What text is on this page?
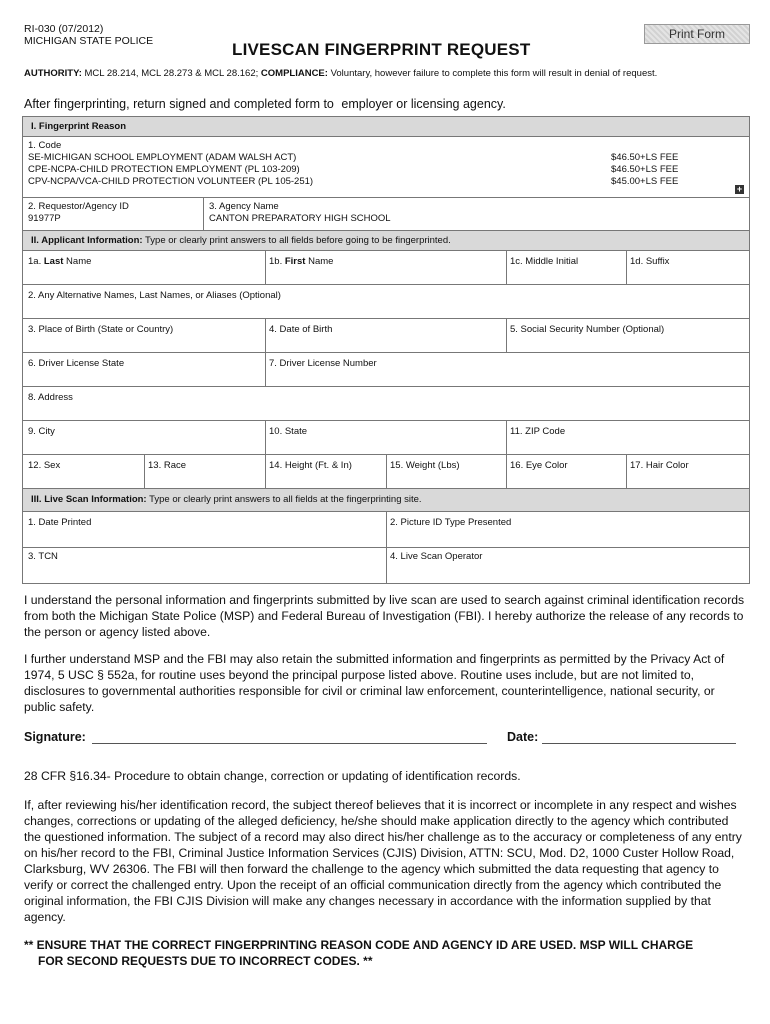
RI-030 (07/2012)
MICHIGAN STATE POLICE	Print Form
LIVESCAN FINGERPRINT REQUEST
AUTHORITY: MCL 28.214, MCL 28.273 & MCL 28.162; COMPLIANCE: Voluntary, however failure to complete this form will result in denial of request.
After fingerprinting, return signed and completed form to employer or licensing agency.
I. Fingerprint Reason
1. Code
SE-MICHIGAN SCHOOL EMPLOYMENT (ADAM WALSH ACT)	$46.50+LS FEE
CPE-NCPA-CHILD PROTECTION EMPLOYMENT (PL 103-209)	$46.50+LS FEE
CPV-NCPA/VCA-CHILD PROTECTION VOLUNTEER (PL 105-251)	$45.00+LS FEE
+
2. Requestor/Agency ID
91977P
3. Agency Name
CANTON PREPARATORY HIGH SCHOOL
II. Applicant Information: Type or clearly print answers to all fields before going to be fingerprinted.
1a. Last Name	1b. First Name	1c. Middle Initial	1d. Suffix
2. Any Alternative Names, Last Names, or Aliases (Optional)
3. Place of Birth (State or Country)	4. Date of Birth	5. Social Security Number (Optional)
6. Driver License State	7. Driver License Number
8. Address
9. City	10. State	11. ZIP Code
12. Sex	13. Race	14. Height (Ft. & In)	15. Weight (Lbs)	16. Eye Color	17. Hair Color
III. Live Scan Information: Type or clearly print answers to all fields at the fingerprinting site.
1. Date Printed	2. Picture ID Type Presented
3. TCN	4. Live Scan Operator
I understand the personal information and fingerprints submitted by live scan are used to search against criminal identification records from both the Michigan State Police (MSP) and Federal Bureau of Investigation (FBI). I hereby authorize the release of any records to the person or agency listed above.
I further understand MSP and the FBI may also retain the submitted information and fingerprints as permitted by the Privacy Act of 1974, 5 USC § 552a, for routine uses beyond the principal purpose listed above. Routine uses include, but are not limited to, disclosures to governmental authorities responsible for civil or criminal law enforcement, counterintelligence, national security, or public safety.
Signature:	Date:
28 CFR §16.34- Procedure to obtain change, correction or updating of identification records.
If, after reviewing his/her identification record, the subject thereof believes that it is incorrect or incomplete in any respect and wishes changes, corrections or updating of the alleged deficiency, he/she should make application directly to the agency which contributed the questioned information. The subject of a record may also direct his/her challenge as to the accuracy or completeness of any entry on his/her record to the FBI, Criminal Justice Information Services (CJIS) Division, ATTN: SCU, Mod. D2, 1000 Custer Hollow Road, Clarksburg, WV 26306. The FBI will then forward the challenge to the agency which submitted the data requesting that agency to verify or correct the challenged entry. Upon the receipt of an official communication directly from the agency which contributed the original information, the FBI CJIS Division will make any changes necessary in accordance with the information supplied by that agency.
** ENSURE THAT THE CORRECT FINGERPRINTING REASON CODE AND AGENCY ID ARE USED. MSP WILL CHARGE
FOR SECOND REQUESTS DUE TO INCORRECT CODES. **
